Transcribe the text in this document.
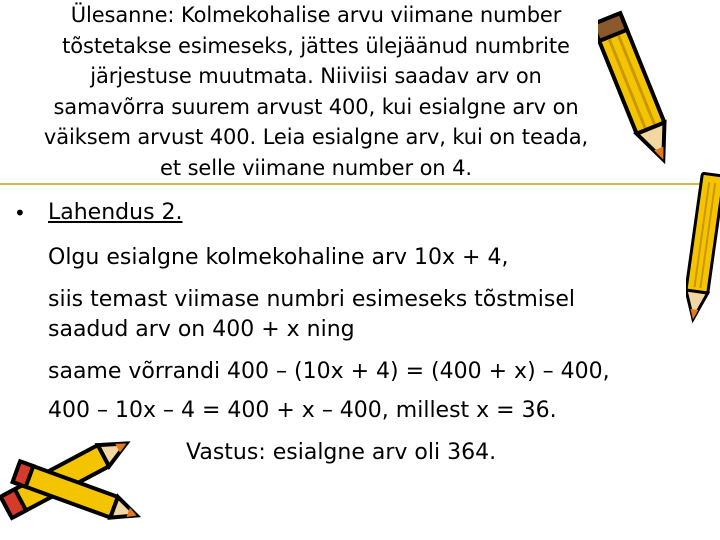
Ülesanne: Kolmekohalise arvu viimane number
tõstetakse esimeseks, jättes ülejäänud numbrite
järjestuse muutmata. Niiviisi saadav arv on
samavõrra suurem arvust 400, kui esialgne arv on
väiksem arvust 400. Leia esialgne arv, kui on teada,
et selle viimane number on 4.
• Lahendus 2.
Olgu esialgne kolmekohaline arv 10x + 4,
siis temast viimase numbri esimeseks tõstmisel
saadud arv on 400 + x ning
saame võrrandi 400 – (10x + 4) = (400 + x) – 400,
400 – 10x – 4 = 400 + x – 400, millest x = 36.
Vastus: esialgne arv oli 364.
